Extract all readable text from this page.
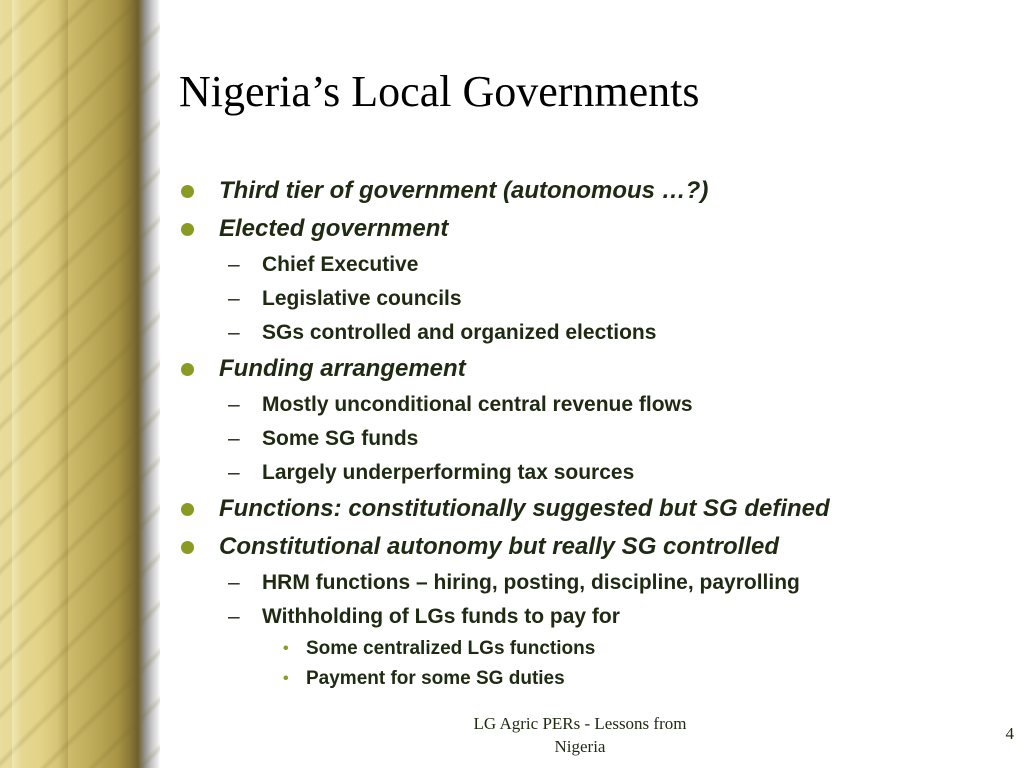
Nigeria’s Local Governments
Third tier of government (autonomous …?)
Elected government
– Chief Executive
– Legislative councils
– SGs controlled and organized elections
Funding arrangement
– Mostly unconditional central revenue flows
– Some SG funds
– Largely underperforming tax sources
Functions: constitutionally suggested but SG defined
Constitutional autonomy but really SG controlled
– HRM functions – hiring, posting, discipline, payrolling
– Withholding of LGs funds to pay for
• Some centralized LGs functions
• Payment for some SG duties
LG Agric PERs - Lessons from
Nigeria
4
